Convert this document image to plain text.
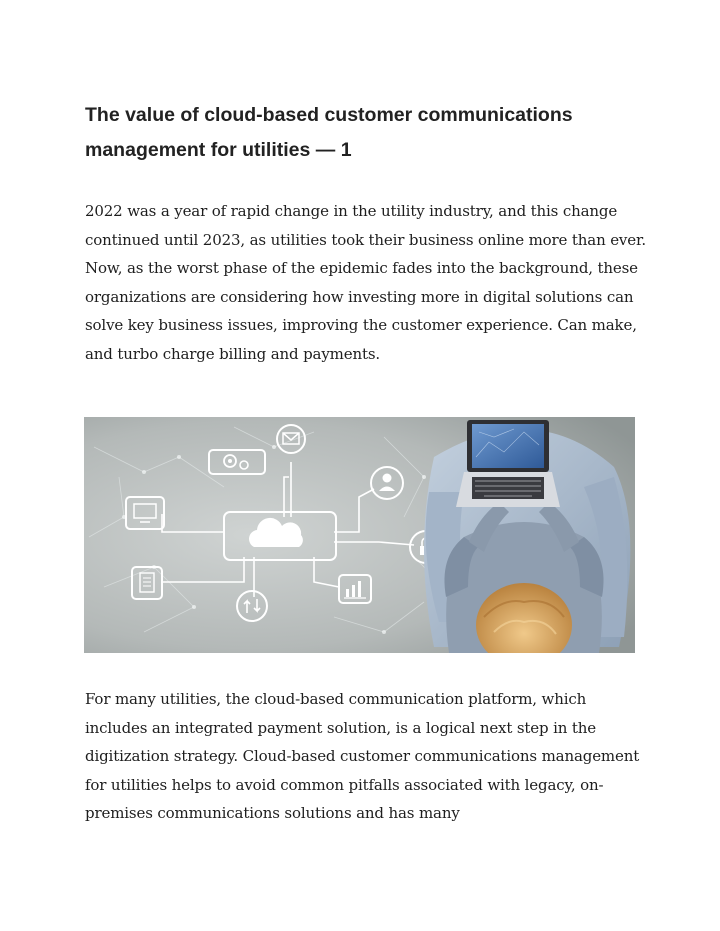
The value of cloud-based customer communications management for utilities — 1

2022 was a year of rapid change in the utility industry, and this change continued until 2023, as utilities took their business online more than ever. Now, as the worst phase of the epidemic fades into the background, these organizations are considering how investing more in digital solutions can solve key business issues, improving the customer experience. Can make, and turbo charge billing and payments.

For many utilities, the cloud-based communication platform, which includes an integrated payment solution, is a logical next step in the digitization strategy. Cloud-based customer communications management for utilities helps to avoid common pitfalls associated with legacy, on-premises communications solutions and has many
